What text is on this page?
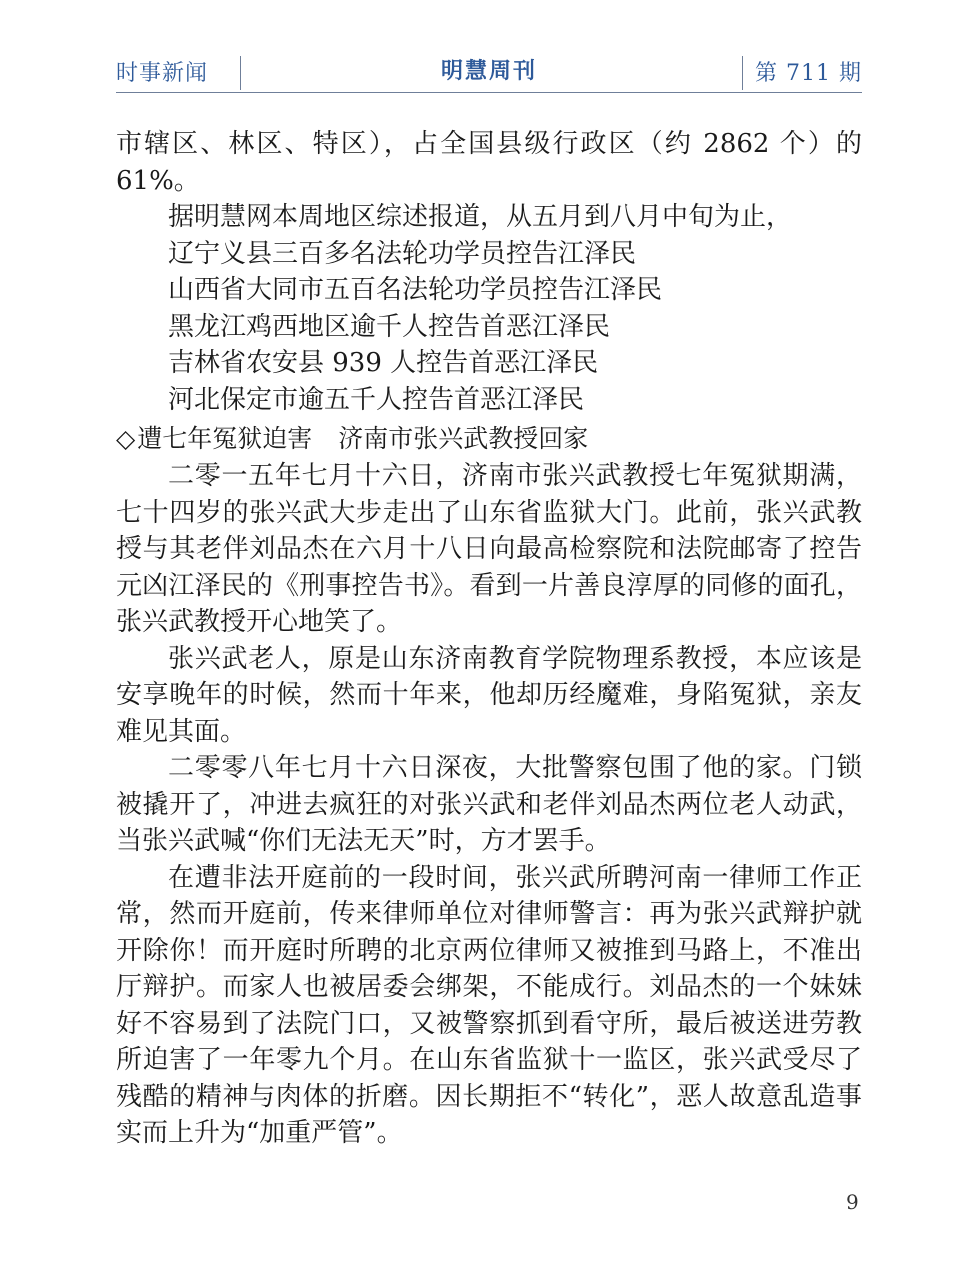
时事新闻	明慧周刊	第 711 期

市辖区、林区、特区），占全国县级行政区（约 2862 个）的61%。

据明慧网本周地区综述报道，从五月到八月中旬为止，

辽宁义县三百多名法轮功学员控告江泽民
山西省大同市五百名法轮功学员控告江泽民
黑龙江鸡西地区逾千人控告首恶江泽民
吉林省农安县 939 人控告首恶江泽民
河北保定市逾五千人控告首恶江泽民
◇遭七年冤狱迫害 济南市张兴武教授回家

二零一五年七月十六日，济南市张兴武教授七年冤狱期满，七十四岁的张兴武大步走出了山东省监狱大门。此前，张兴武教授与其老伴刘品杰在六月十八日向最高检察院和法院邮寄了控告元凶江泽民的《刑事控告书》。看到一片善良淳厚的同修的面孔，张兴武教授开心地笑了。

张兴武老人，原是山东济南教育学院物理系教授，本应该是安享晚年的时候，然而十年来，他却历经魔难，身陷冤狱，亲友难见其面。

二零零八年七月十六日深夜，大批警察包围了他的家。门锁被撬开了，冲进去疯狂的对张兴武和老伴刘品杰两位老人动武，当张兴武喊“你们无法无天”时，方才罢手。

在遭非法开庭前的一段时间，张兴武所聘河南一律师工作正常，然而开庭前，传来律师单位对律师警言：再为张兴武辩护就开除你！而开庭时所聘的北京两位律师又被推到马路上，不准出厅辩护。而家人也被居委会绑架，不能成行。刘品杰的一个妹妹好不容易到了法院门口，又被警察抓到看守所，最后被送进劳教所迫害了一年零九个月。在山东省监狱十一监区，张兴武受尽了残酷的精神与肉体的折磨。因长期拒不“转化”，恶人故意乱造事实而上升为“加重严管”。

9
